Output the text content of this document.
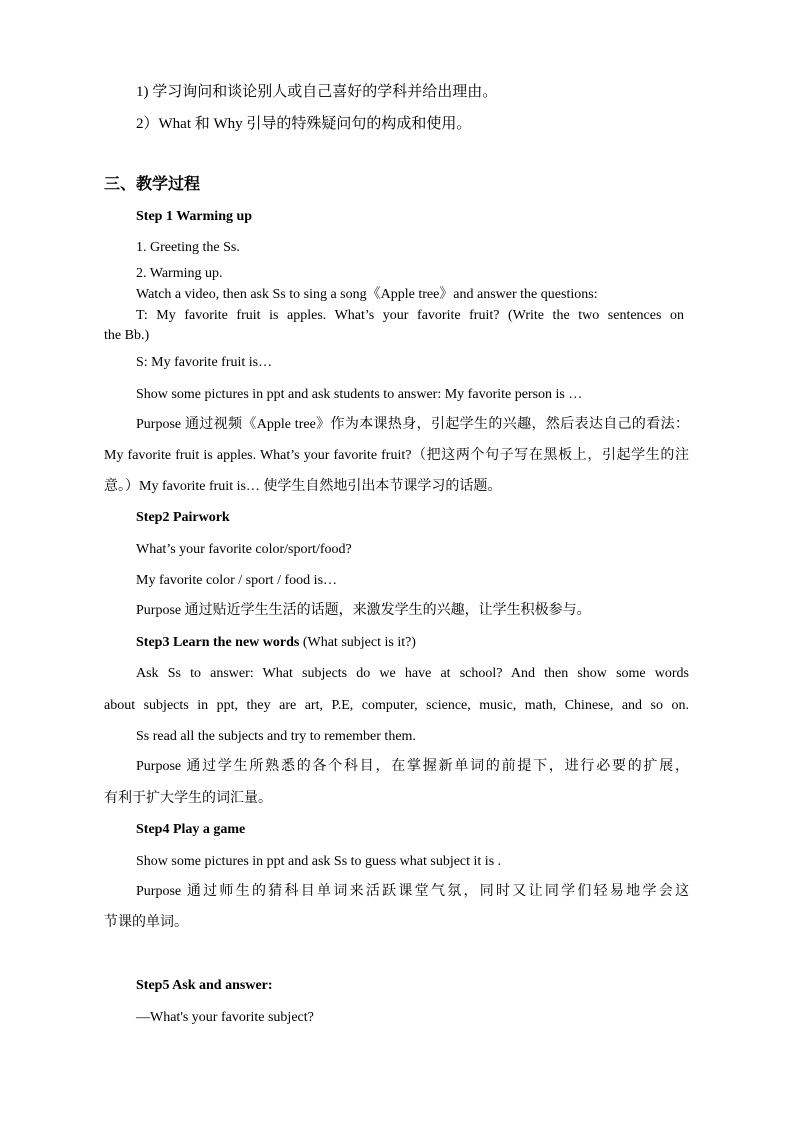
1) 学习询问和谈论别人或自己喜好的学科并给出理由。
2）What 和 Why 引导的特殊疑问句的构成和使用。
三、教学过程
Step 1 Warming up
1. Greeting the Ss.
2. Warming up.
Watch a video, then ask Ss to sing a song《Apple tree》and answer the questions:
T: My favorite fruit is apples. What’s your favorite fruit? (Write the two sentences on
the Bb.)
S: My favorite fruit is…
Show some pictures in ppt and ask students to answer: My favorite person is …
Purpose 通过视频《Apple tree》作为本课热身，引起学生的兴趣，然后表达自己的看法：
My favorite fruit is apples. What’s your favorite fruit?（把这两个句子写在黑板上，引起学生的注
意。）My favorite fruit is… 使学生自然地引出本节课学习的话题。
Step2 Pairwork
What’s your favorite color/sport/food?
My favorite color / sport / food is…
Purpose 通过贴近学生生活的话题，来激发学生的兴趣，让学生积极参与。
Step3 Learn the new words (What subject is it?)
Ask Ss to answer: What subjects do we have at school? And then show some words
about subjects in ppt, they are art, P.E, computer, science, music, math, Chinese, and so on.
Ss read all the subjects and try to remember them.
Purpose 通过学生所熟悉的各个科目，在掌握新单词的前提下，进行必要的扩展，
有利于扩大学生的词汇量。
Step4 Play a game
Show some pictures in ppt and ask Ss to guess what subject it is .
Purpose 通过师生的猜科目单词来活跃课堂气氛，同时又让同学们轻易地学会这
节课的单词。
Step5 Ask and answer:
—What's your favorite subject?
